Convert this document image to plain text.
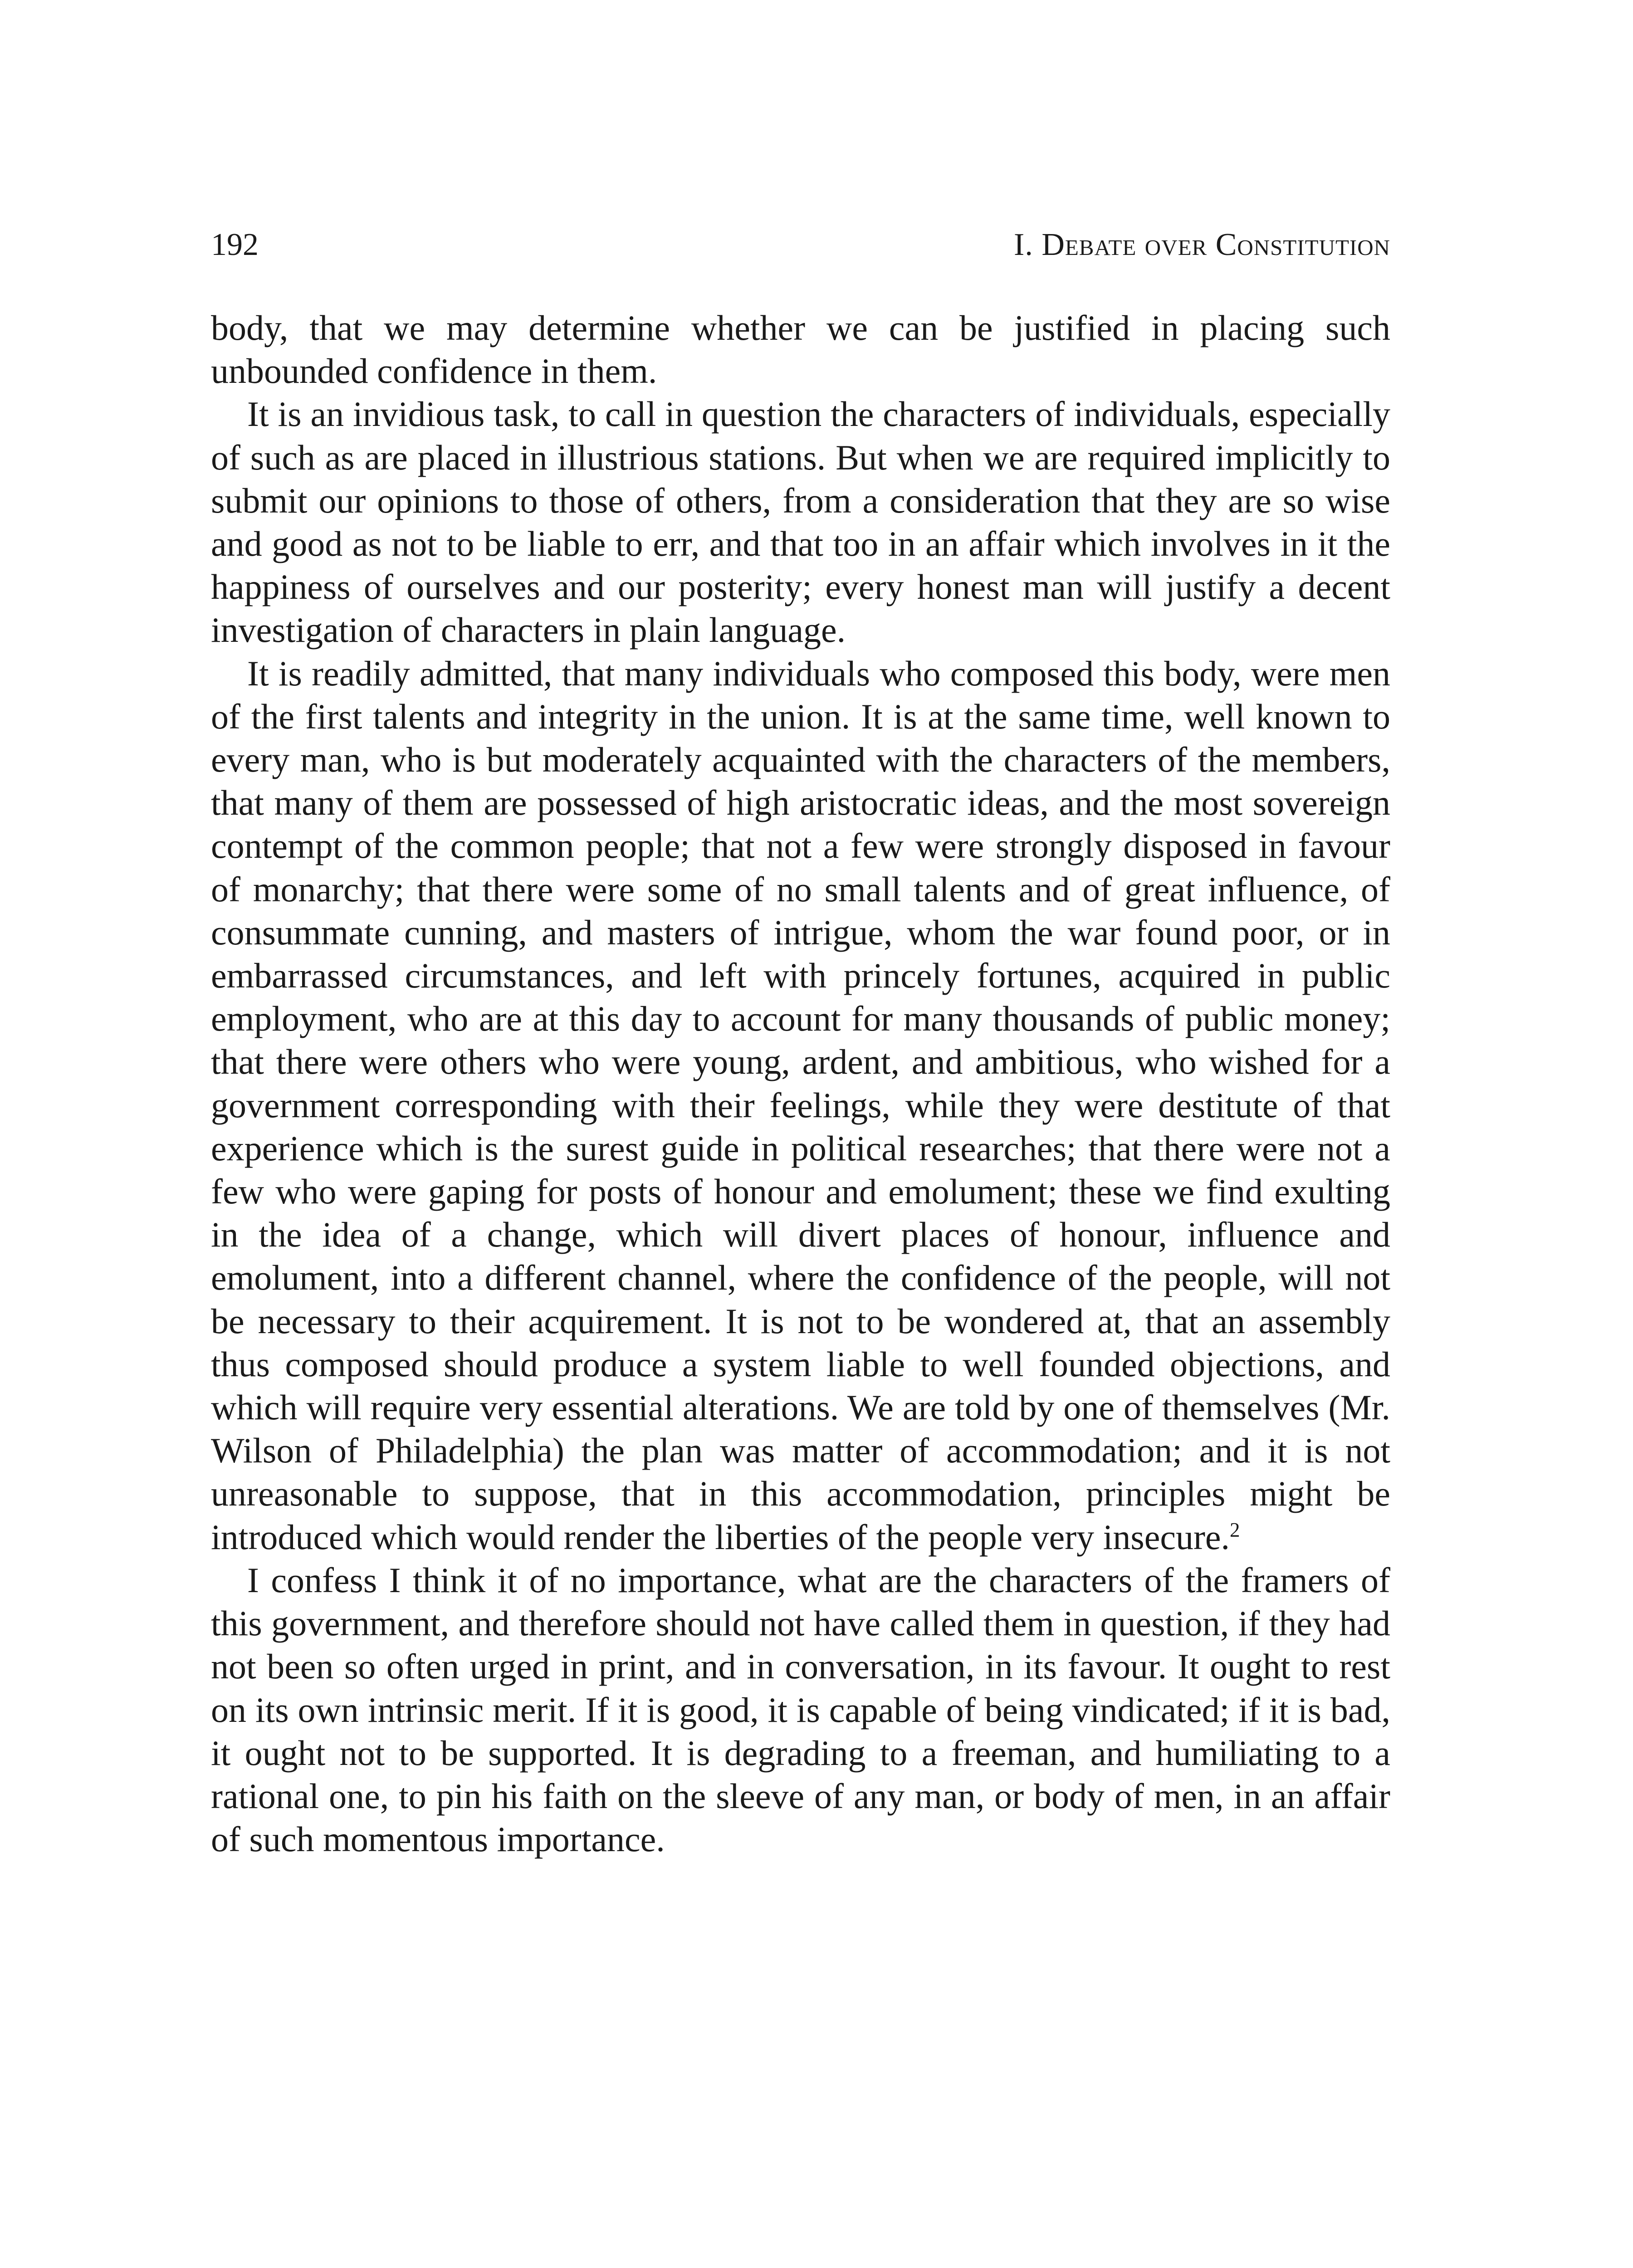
192	I. Debate over Constitution

body, that we may determine whether we can be justified in placing such unbounded confidence in them.

It is an invidious task, to call in question the characters of individuals, especially of such as are placed in illustrious stations. But when we are required implicitly to submit our opinions to those of others, from a consideration that they are so wise and good as not to be liable to err, and that too in an affair which involves in it the happiness of ourselves and our posterity; every honest man will justify a decent investigation of characters in plain language.

It is readily admitted, that many individuals who composed this body, were men of the first talents and integrity in the union. It is at the same time, well known to every man, who is but moderately acquainted with the characters of the members, that many of them are possessed of high aristocratic ideas, and the most sovereign contempt of the common people; that not a few were strongly disposed in favour of monarchy; that there were some of no small talents and of great influence, of consummate cunning, and masters of intrigue, whom the war found poor, or in embarrassed circumstances, and left with princely fortunes, acquired in public employment, who are at this day to account for many thousands of public money; that there were others who were young, ardent, and ambitious, who wished for a government corresponding with their feelings, while they were destitute of that experience which is the surest guide in political researches; that there were not a few who were gaping for posts of honour and emolument; these we find exulting in the idea of a change, which will divert places of honour, influence and emolument, into a different channel, where the confidence of the people, will not be necessary to their acquirement. It is not to be wondered at, that an assembly thus composed should produce a system liable to well founded objections, and which will require very essential alterations. We are told by one of themselves (Mr. Wilson of Philadelphia) the plan was matter of accommodation; and it is not unreasonable to suppose, that in this accommodation, principles might be introduced which would render the liberties of the people very insecure.$^2$

I confess I think it of no importance, what are the characters of the framers of this government, and therefore should not have called them in question, if they had not been so often urged in print, and in conversation, in its favour. It ought to rest on its own intrinsic merit. If it is good, it is capable of being vindicated; if it is bad, it ought not to be supported. It is degrading to a freeman, and humiliating to a rational one, to pin his faith on the sleeve of any man, or body of men, in an affair of such momentous importance.
